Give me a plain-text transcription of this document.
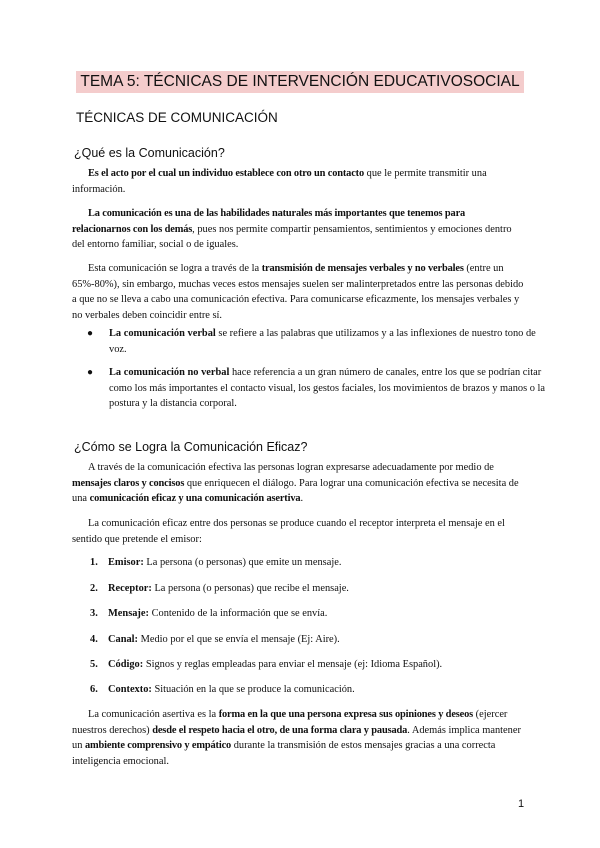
TEMA 5: TÉCNICAS DE INTERVENCIÓN EDUCATIVOSOCIAL
TÉCNICAS DE COMUNICACIÓN
¿Qué es la Comunicación?

Es el acto por el cual un individuo establece con otro un contacto que le permite transmitir una información.

La comunicación es una de las habilidades naturales más importantes que tenemos para relacionarnos con los demás, pues nos permite compartir pensamientos, sentimientos y emociones dentro del entorno familiar, social o de iguales.

Esta comunicación se logra a través de la transmisión de mensajes verbales y no verbales (entre un 65%-80%), sin embargo, muchas veces estos mensajes suelen ser malinterpretados entre las personas debido a que no se lleva a cabo una comunicación efectiva. Para comunicarse eficazmente, los mensajes verbales y no verbales deben coincidir entre sí.

● La comunicación verbal se refiere a las palabras que utilizamos y a las inflexiones de nuestro tono de voz.
● La comunicación no verbal hace referencia a un gran número de canales, entre los que se podrían citar como los más importantes el contacto visual, los gestos faciales, los movimientos de brazos y manos o la postura y la distancia corporal.
¿Cómo se Logra la Comunicación Eficaz?

A través de la comunicación efectiva las personas logran expresarse adecuadamente por medio de mensajes claros y concisos que enriquecen el diálogo. Para lograr una comunicación efectiva se necesita de una comunicación eficaz y una comunicación asertiva.

La comunicación eficaz entre dos personas se produce cuando el receptor interpreta el mensaje en el sentido que pretende el emisor:

1. Emisor: La persona (o personas) que emite un mensaje.
2. Receptor: La persona (o personas) que recibe el mensaje.
3. Mensaje: Contenido de la información que se envía.
4. Canal: Medio por el que se envía el mensaje (Ej: Aire).
5. Código: Signos y reglas empleadas para enviar el mensaje (ej: Idioma Español).
6. Contexto: Situación en la que se produce la comunicación.

La comunicación asertiva es la forma en la que una persona expresa sus opiniones y deseos (ejercer nuestros derechos) desde el respeto hacia el otro, de una forma clara y pausada. Además implica mantener un ambiente comprensivo y empático durante la transmisión de estos mensajes gracias a una correcta inteligencia emocional.

1
